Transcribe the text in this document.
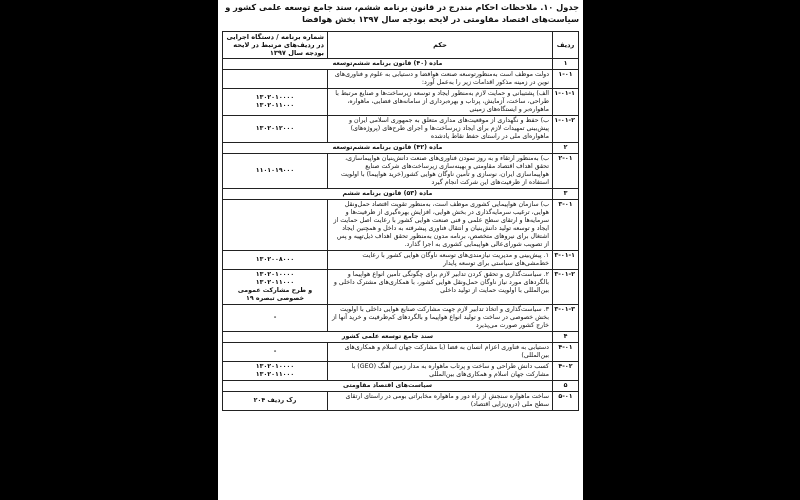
جدول ۱۰. ملاحظات احکام مندرج در قانون برنامه ششم، سند جامع توسعه علمی کشور و
سیاست‌های اقتصاد مقاومتی در لایحه بودجه سال ۱۳۹۷ بخش هوافضا
ردیف	حکم	شماره برنامه / دستگاه اجرایی در ردیف‌های مرتبط در لایحه بودجه سال ۱۳۹۷
۱	ماده (۴۰) قانون برنامه ششم‌توسعه	
۱-۰۱	دولت موظف است به‌منظور‌توسعه صنعت هوافضا و دستیابی به علوم و فناوری‌های نوین در زمینه مذکور اقدامات زیر را به‌عمل آورد:	
۱-۰۱-۱	الف) پشتیبانی و حمایت لازم به‌منظور ایجاد و ‌توسعه زیرساخت‌ها و صنایع مرتبط با طراحی، ساخت، آزمایش، پرتاب و بهره‌برداری از سامانه‌های فضایی، ماهواره، ماهواره‌بر و ایستگاه‌های زمینی	۱۳۰۲۰۱۰۰۰۰
۱۳۰۲۰۱۱۰۰۰

۱-۰۱-۲	ب) حفظ و نگهداری از موقعیت‌های مداری متعلق به جمهوری اسلامی ایران و پیش‌بینی تمهیدات لازم برای ایجاد زیرساخت‌ها و اجرای طرح‌های (پروژه‌های) ماهواره‌ای ملی در راستای حفظ نقاط یادشده	۱۳۰۲۰۱۲۰۰۰

۲	ماده (۴۲) قانون برنامه ششم‌توسعه	
۲-۰۱	ب) به‌منظور ارتقاء و به روز نمودن فناوری‌های صنعت دانش‌بنیان هواپیماسازی، تحقق اهداف اقتصاد مقاومتی و بهینه‌سازی زیرساخت‌های شرکت صنایع هواپیماسازی ایران، نوسازی و تأمین ناوگان هوایی کشور(خرید هواپیما) با اولویت استفاده از ظرفیت‌های این شرکت انجام گیرد	۱۱۰۱۰۱۹۰۰۰

۳	ماده (۵۳) قانون برنامه ششم	
۳-۰۱	ب) سازمان هواپیمایی کشوری موظف است، به‌منظور تقویت اقتصاد حمل‌ونقل هوایی، ترغیب سرمایه‌گذاری در بخش هوایی، افزایش بهره‌گیری از ظرفیت‌ها و سرمایه‌ها و ارتقای سطح علمی و فنی صنعت هوایی کشور با رعایت اصل حمایت از ایجاد و ‌توسعه تولید دانش‌بنیان و انتقال فناوری پیشرفته به داخل و همچنین ایجاد اشتغال برای نیروهای متخصص، برنامه مدون به‌منظور تحقق اهداف ذیل‌تهیه و پس از تصویب شورای‌عالی هواپیمایی کشوری به اجرا گذارد.	
۳-۰۱-۱	۱. پیش‌بینی و مدیریت نیازمندی‌های ‌توسعه ناوگان هوایی کشور با رعایت خط‌مشی‌های ‌سیاستی برای ‌توسعه پایدار	۱۳۰۲۰۰۸۰۰۰

۳-۰۱-۲	۲. سیاست‌گذاری و تحقق کردن ‌تدابیر لازم برای چگونگی تأمین انواع هواپیما و بالگردهای مورد نیاز ناوگان حمل‌ونقل هوایی کشور، با همکاری‌های مشترک داخلی و بین‌المللی با اولویت حمایت از تولید داخلی	۱۳۰۲۰۱۰۰۰۰
۱۳۰۲۰۱۱۰۰۰
و طرح مشارکت عمومی خصوصی تبصره ۱۹

۳-۰۱-۳	۳. سیاست‌گذاری و اتخاذ ‌تدابیر لازم جهت مشارکت صنایع هوایی داخلی با اولویت بخش خصوصی در ساخت و تولید انواع هواپیما و بالگردهای کم‌ظرفیت و خرید آنها از خارج کشور صورت می‌پذیرد	-

۴	سند جامع توسعه علمی کشور	
۴-۰۱	دستیابی به فناوری اعزام انسان به فضا (با مشارکت جهان اسلام و همکاری‌های بین‌المللی)	-

۴-۰۲	کسب دانش طراحی و ساخت و پرتاب ماهواره به مدار زمین آهنگ (GEO) با مشارکت جهان اسلام و همکاری‌های بین‌المللی	۱۳۰۲۰۱۰۰۰۰
۱۳۰۲۰۱۱۰۰۰

۵	سیاست‌های اقتصاد مقاومتی	
۵-۰۱	ساخت ماهواره سنجش از راه دور و ماهواره مخابراتی بومی در راستای ارتقای سطح ملی (درون‌زایی اقتصاد)	رک ردیف ۲۰۴
